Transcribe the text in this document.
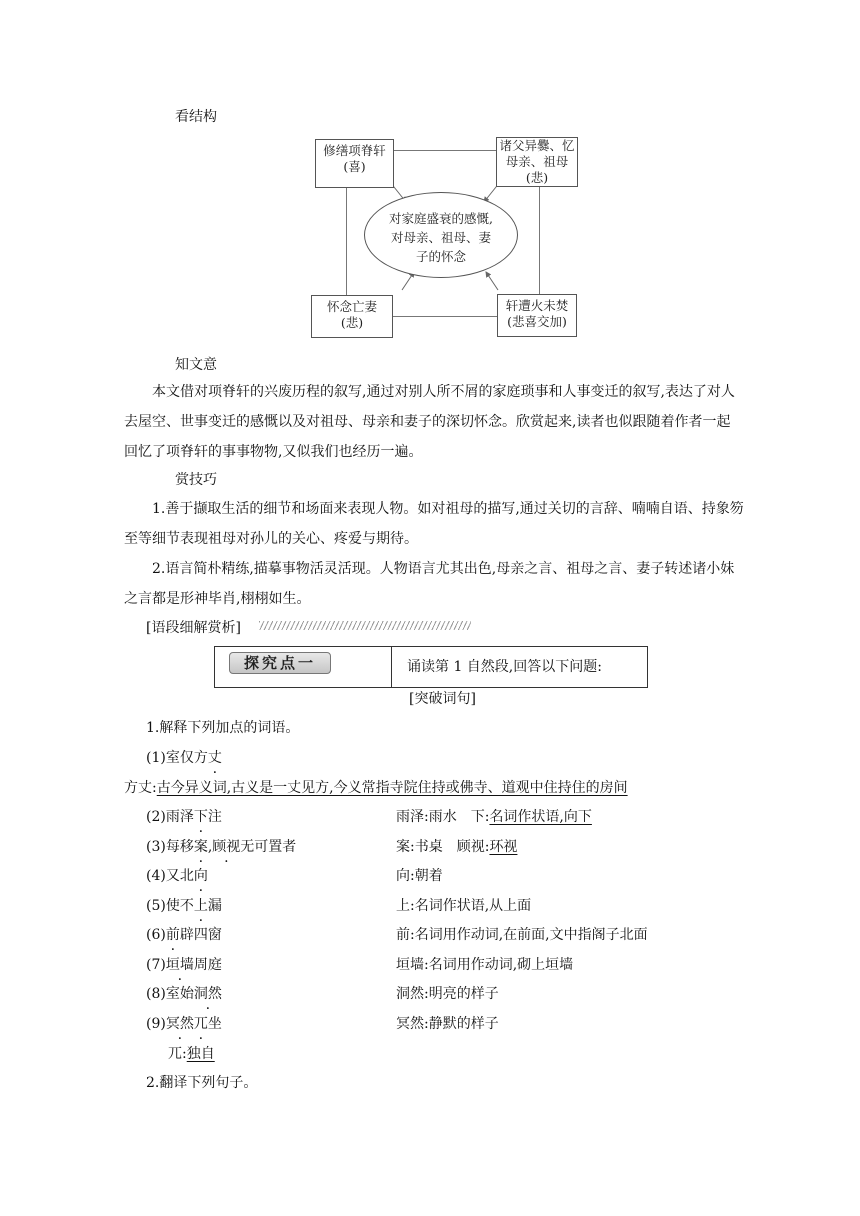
看结构
修缮项脊轩
(喜)
诸父异爨、忆
母亲、祖母
(悲)
对家庭盛衰的感慨,
对母亲、祖母、妻
子的怀念
怀念亡妻
(悲)
轩遭火未焚
(悲喜交加)
知文意
本文借对项脊轩的兴废历程的叙写,通过对别人所不屑的家庭琐事和人事变迁的叙写,表达了对人去屋空、世事变迁的感慨以及对祖母、母亲和妻子的深切怀念。欣赏起来,读者也似跟随着作者一起回忆了项脊轩的事事物物,又似我们也经历一遍。
赏技巧
1.善于撷取生活的细节和场面来表现人物。如对祖母的描写,通过关切的言辞、喃喃自语、持象笏至等细节表现祖母对孙儿的关心、疼爱与期待。
2.语言简朴精练,描摹事物活灵活现。人物语言尤其出色,母亲之言、祖母之言、妻子转述诸小妹之言都是形神毕肖,栩栩如生。
[语段细解赏析]
探究点一	诵读第 1 自然段,回答以下问题:
[突破词句]
1.解释下列加点的词语。
(1)室仅方丈
方丈:古今异义词,古义是一丈见方,今义常指寺院住持或佛寺、道观中住持住的房间
(2)雨泽下注	雨泽:雨水　下:名词作状语,向下
(3)每移案,顾视无可置者	案:书桌　顾视:环视
(4)又北向	向:朝着
(5)使不上漏	上:名词作状语,从上面
(6)前辟四窗	前:名词用作动词,在前面,文中指阁子北面
(7)垣墙周庭	垣墙:名词用作动词,砌上垣墙
(8)室始洞然	洞然:明亮的样子
(9)冥然兀坐	冥然:静默的样子
兀:独自
2.翻译下列句子。
